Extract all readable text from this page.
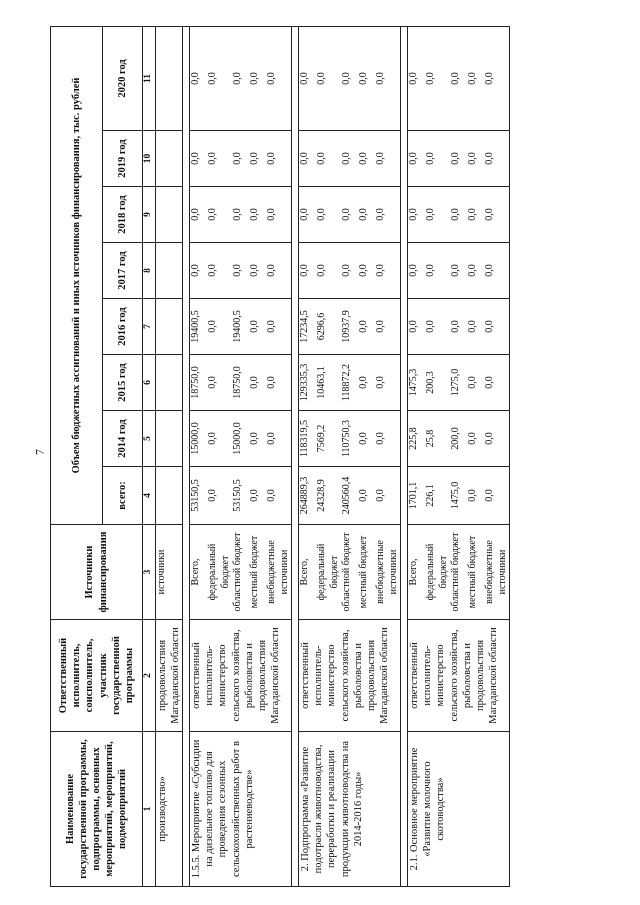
7
Наименование государственной программы, подпрограммы, основных мероприятий, мероприятий, подмероприятий	Ответственный исполнитель, соисполнитель, участник государственной программы	Источники финансирования	Объем бюджетных ассигнований и иных источников финансирования, тыс. рублей							
			всего:	2014 год	2015 год	2016 год	2017 год	2018 год	2019 год	2020 год
1	2	3	4	5	6	7	8	9	10	11
производство»	продовольствия Магаданской области	источники								

1.5.5. Мероприятие «Субсидии на дизельное топливо для проведения сезонных сельскохозяйственных работ в растениеводстве»	ответственный исполнитель-министерство сельского хозяйства, рыболовства и продовольствия Магаданской области	Всего,	53150,5	15000,0	18750,0	19400,5	0,0	0,0	0,0	0,0
		федеральный бюджет	0,0	0,0	0,0	0,0	0,0	0,0	0,0	0,0
		областной бюджет	53150,5	15000,0	18750,0	19400,5	0,0	0,0	0,0	0,0
		местный бюджет	0,0	0,0	0,0	0,0	0,0	0,0	0,0	0,0
		внебюджетные источники	0,0	0,0	0,0	0,0	0,0	0,0	0,0	0,0

2. Подпрограмма «Развитие подотрасли животноводства, переработки и реализации продукции животноводства на 2014-2016 годы»	ответственный исполнитель-министерство сельского хозяйства, рыболовства и продовольствия Магаданской области	Всего,	264889,3	118319,5	129335,3	17234,5	0,0	0,0	0,0	0,0
		федеральный бюджет	24328,9	7569,2	10463,1	6296,6	0,0	0,0	0,0	0,0
		областной бюджет	240560,4	110750,3	118872,2	10937,9	0,0	0,0	0,0	0,0
		местный бюджет	0,0	0,0	0,0	0,0	0,0	0,0	0,0	0,0
		внебюджетные источники	0,0	0,0	0,0	0,0	0,0	0,0	0,0	0,0

2.1. Основное мероприятие «Развитие молочного скотоводства»	ответственный исполнитель-министерство сельского хозяйства, рыболовства и продовольствия Магаданской области	Всего,	1701,1	225,8	1475,3	0,0	0,0	0,0	0,0	0,0
		федеральный бюджет	226,1	25,8	200,3	0,0	0,0	0,0	0,0	0,0
		областной бюджет	1475,0	200,0	1275,0	0,0	0,0	0,0	0,0	0,0
		местный бюджет	0,0	0,0	0,0	0,0	0,0	0,0	0,0	0,0
		внебюджетные источники	0,0	0,0	0,0	0,0	0,0	0,0	0,0	0,0
